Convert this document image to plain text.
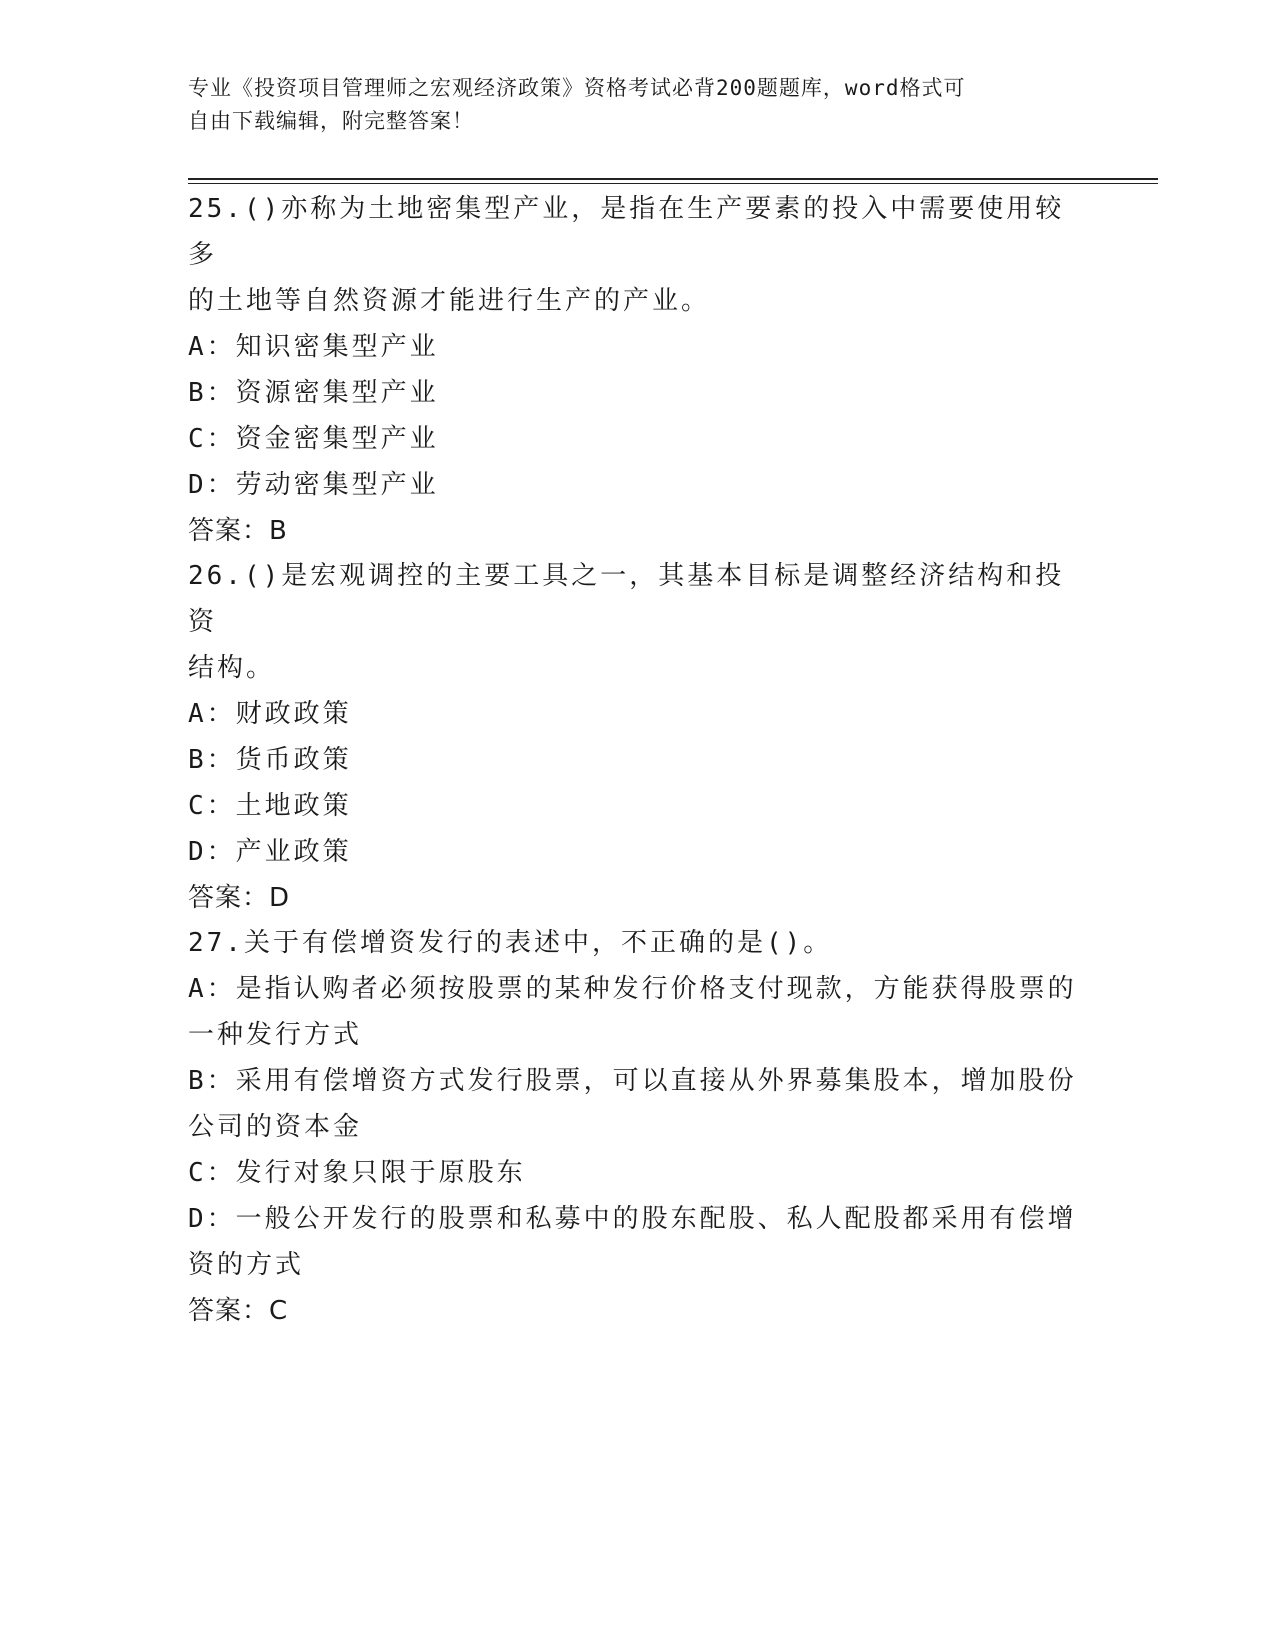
专业《投资项目管理师之宏观经济政策》资格考试必背200题题库，word格式可
自由下载编辑，附完整答案！
25.()亦称为土地密集型产业，是指在生产要素的投入中需要使用较多
的土地等自然资源才能进行生产的产业。
A：知识密集型产业
B：资源密集型产业
C：资金密集型产业
D：劳动密集型产业
答案：B
26.()是宏观调控的主要工具之一，其基本目标是调整经济结构和投资
结构。
A：财政政策
B：货币政策
C：土地政策
D：产业政策
答案：D
27.关于有偿增资发行的表述中，不正确的是()。
A：是指认购者必须按股票的某种发行价格支付现款，方能获得股票的
一种发行方式
B：采用有偿增资方式发行股票，可以直接从外界募集股本，增加股份
公司的资本金
C：发行对象只限于原股东
D：一般公开发行的股票和私募中的股东配股、私人配股都采用有偿增
资的方式
答案：C
